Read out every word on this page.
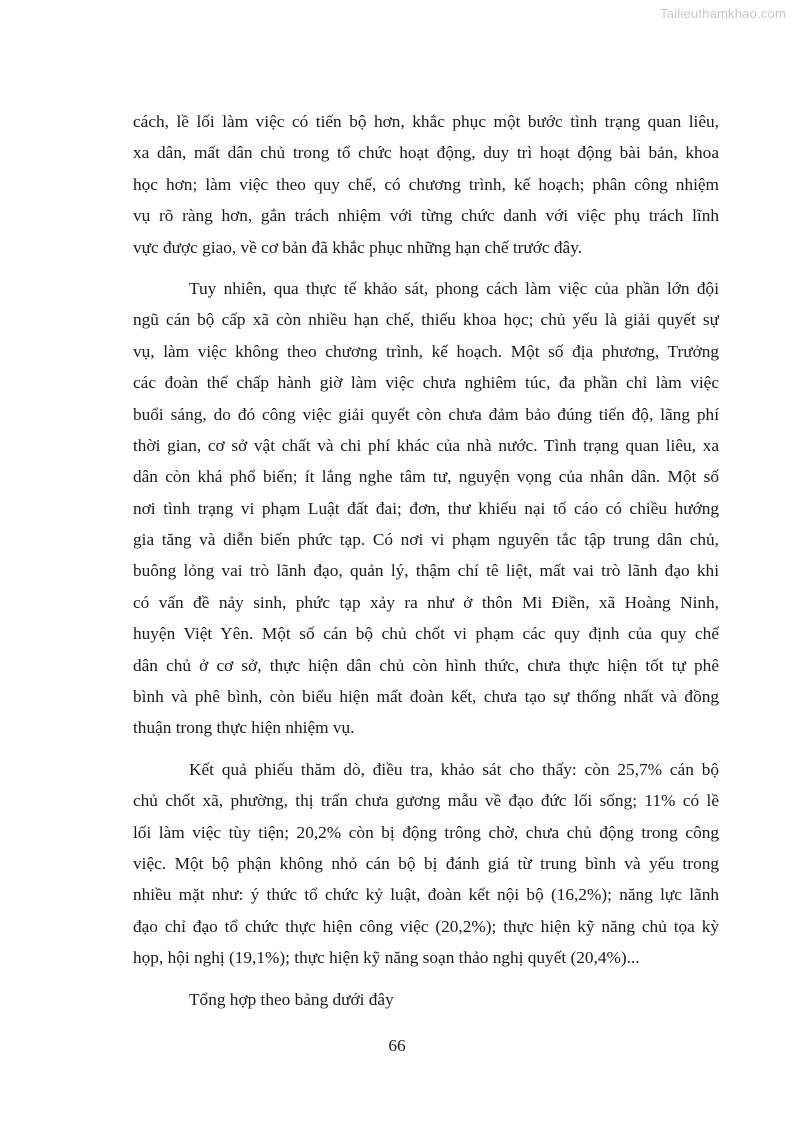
Tailieuthamkhao.com
cách, lề lối làm việc có tiến bộ hơn, khắc phục một bước tình trạng quan liêu,
xa dân, mất dân chủ trong tổ chức hoạt động, duy trì hoạt động bài bản, khoa
học hơn; làm việc theo quy chế, có chương trình, kế hoạch; phân công nhiệm
vụ rõ ràng hơn, gắn trách nhiệm với từng chức danh với việc phụ trách lĩnh
vực được giao, về cơ bản đã khắc phục những hạn chế trước đây.
Tuy nhiên, qua thực tế khảo sát, phong cách làm việc của phần lớn đội
ngũ cán bộ cấp xã còn nhiều hạn chế, thiếu khoa học; chủ yếu là giải quyết sự
vụ, làm việc không theo chương trình, kế hoạch. Một số địa phương, Trưởng
các đoàn thể chấp hành giờ làm việc chưa nghiêm túc, đa phần chỉ làm việc
buổi sáng, do đó công việc giải quyết còn chưa đảm bảo đúng tiến độ, lãng phí
thời gian, cơ sở vật chất và chi phí khác của nhà nước. Tình trạng quan liêu, xa
dân còn khá phổ biến; ít lắng nghe tâm tư, nguyện vọng của nhân dân. Một số
nơi tình trạng vi phạm Luật đất đai; đơn, thư khiếu nại tố cáo có chiều hướng
gia tăng và diễn biến phức tạp. Có nơi vi phạm nguyên tắc tập trung dân chủ,
buông lỏng vai trò lãnh đạo, quản lý, thậm chí tê liệt, mất vai trò lãnh đạo khi
có vấn đề nảy sinh, phức tạp xảy ra như ở thôn Mi Điền, xã Hoàng Ninh,
huyện Việt Yên. Một số cán bộ chủ chốt vi phạm các quy định của quy chế
dân chủ ở cơ sở, thực hiện dân chủ còn hình thức, chưa thực hiện tốt tự phê
bình và phê bình, còn biểu hiện mất đoàn kết, chưa tạo sự thống nhất và đồng
thuận trong thực hiện nhiệm vụ.
Kết quả phiếu thăm dò, điều tra, khảo sát cho thấy: còn 25,7% cán bộ
chủ chốt xã, phường, thị trấn chưa gương mẫu về đạo đức lối sống; 11% có lề
lối làm việc tùy tiện; 20,2% còn bị động trông chờ, chưa chủ động trong công
việc. Một bộ phận không nhỏ cán bộ bị đánh giá từ trung bình và yếu trong
nhiều mặt như: ý thức tổ chức kỷ luật, đoàn kết nội bộ (16,2%); năng lực lãnh
đạo chỉ đạo tổ chức thực hiện công việc (20,2%); thực hiện kỹ năng chủ tọa kỳ
họp, hội nghị (19,1%); thực hiện kỹ năng soạn thảo nghị quyết (20,4%)...
Tổng hợp theo bảng dưới đây
66
